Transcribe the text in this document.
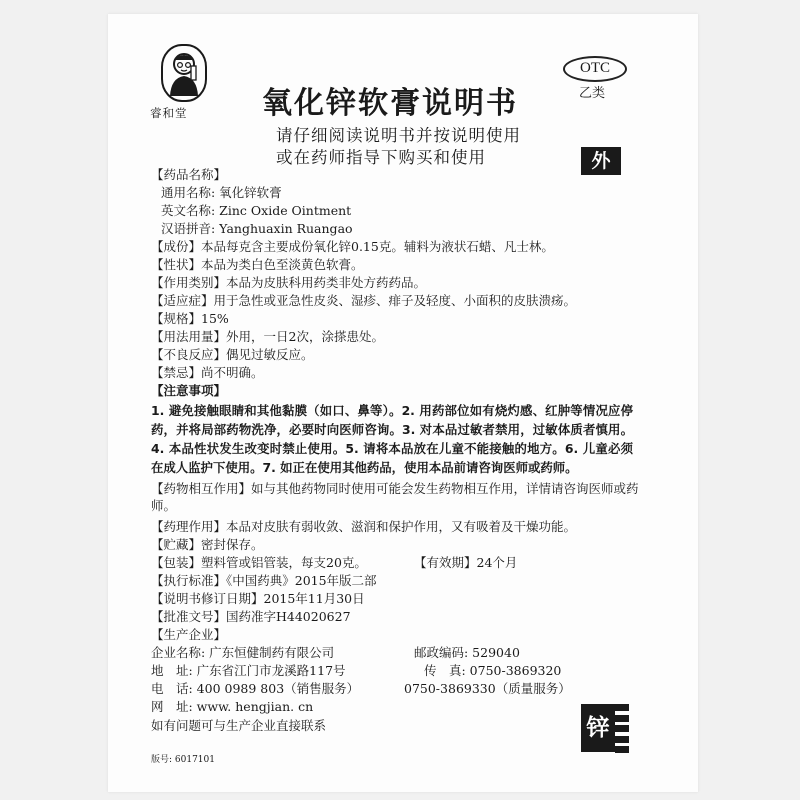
睿和堂 氧化锌软膏说明书
OTC
乙类
请仔细阅读说明书并按说明使用
或在药师指导下购买和使用	外
【药品名称】
通用名称: 氧化锌软膏
英文名称: Zinc Oxide Ointment
汉语拼音: Yanghuaxin Ruangao
【成份】本品每克含主要成份氧化锌0.15克。辅料为液状石蜡、凡士林。
【性状】本品为类白色至淡黄色软膏。
【作用类别】本品为皮肤科用药类非处方药药品。
【适应症】用于急性或亚急性皮炎、湿疹、痱子及轻度、小面积的皮肤溃疡。
【规格】15%
【用法用量】外用，一日2次，涂搽患处。
【不良反应】偶见过敏反应。
【禁忌】尚不明确。
【注意事项】
1. 避免接触眼睛和其他黏膜（如口、鼻等）。2. 用药部位如有烧灼感、红肿等情况应停药，并将局部药物洗净，必要时向医师咨询。3. 对本品过敏者禁用，过敏体质者慎用。4. 本品性状发生改变时禁止使用。5. 请将本品放在儿童不能接触的地方。6. 儿童必须在成人监护下使用。7. 如正在使用其他药品，使用本品前请咨询医师或药师。
【药物相互作用】如与其他药物同时使用可能会发生药物相互作用，详情请咨询医师或药师。
【药理作用】本品对皮肤有弱收敛、滋润和保护作用，又有吸着及干燥功能。
【贮藏】密封保存。
【包装】塑料管或铝管装，每支20克。	【有效期】24个月
【执行标准】《中国药典》2015年版二部
【说明书修订日期】2015年11月30日
【批准文号】国药准字H44020627
【生产企业】
企业名称: 广东恒健制药有限公司	邮政编码: 529040
地　址: 广东省江门市龙溪路117号	传　真: 0750-3869320
电　话: 400 0989 803（销售服务）	0750-3869330（质量服务）
网　址: www. hengjian. cn
如有问题可与生产企业直接联系	锌
版号: 6017101
